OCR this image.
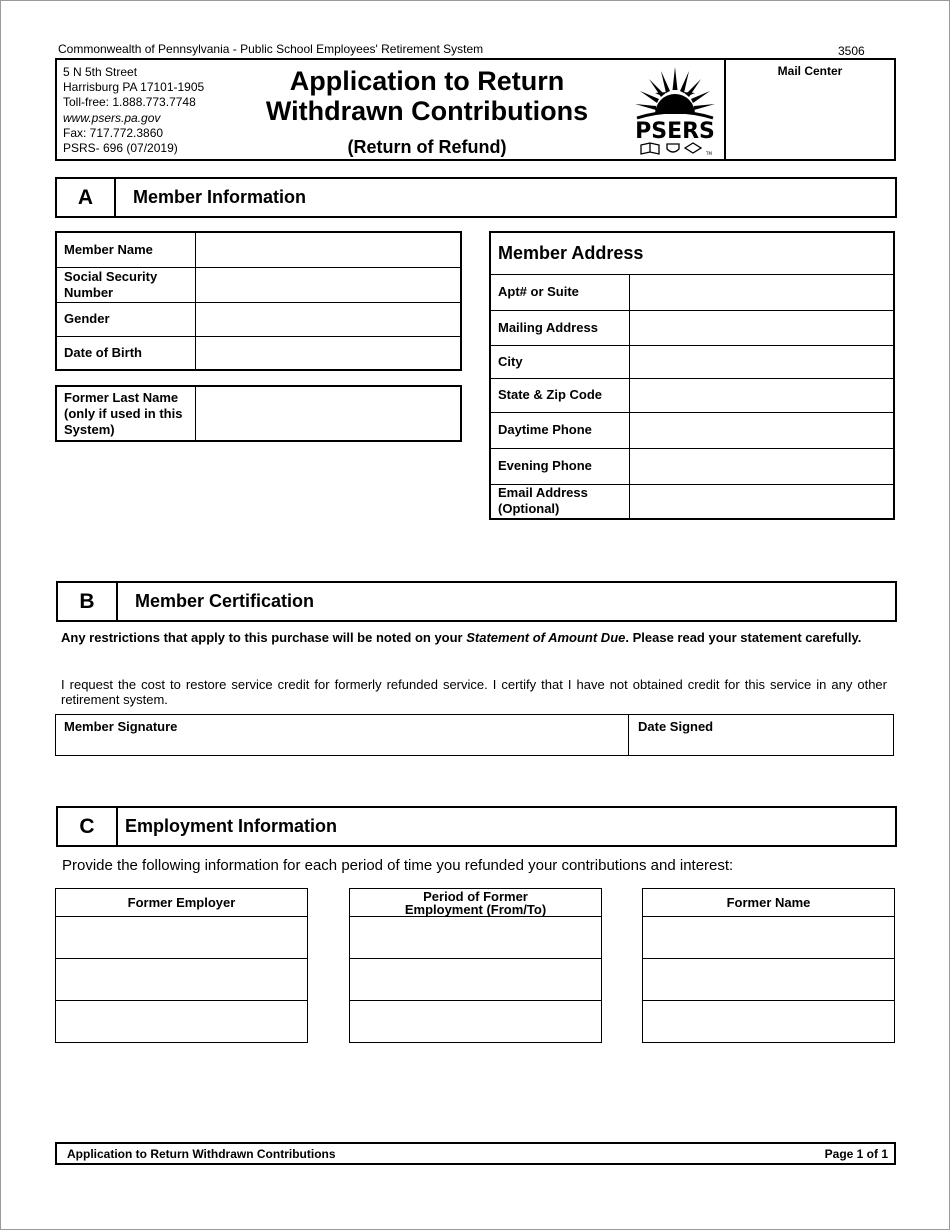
Commonwealth of Pennsylvania - Public School Employees' Retirement System	3506
5 N 5th Street
Harrisburg PA 17101-1905
Toll-free: 1.888.773.7748
www.psers.pa.gov
Fax: 717.772.3860
PSRS- 696 (07/2019)
Application to Return
Withdrawn Contributions
(Return of Refund)
PSERS
TM
Mail Center
A	Member Information
Member Name	
Social Security Number	
Gender	
Date of Birth	
Former Last Name (only if used in this System)	
Member Address	
Apt# or Suite	
Mailing Address	
City	
State & Zip Code	
Daytime Phone	
Evening Phone	
Email Address (Optional)	
B	Member Certification
Any restrictions that apply to this purchase will be noted on your Statement of Amount Due. Please read your statement carefully.
I request the cost to restore service credit for formerly refunded service. I certify that I have not obtained credit for this service in any other retirement system.
Member Signature	Date Signed
C	Employment Information
Provide the following information for each period of time you refunded your contributions and interest:
Former Employer	Period of Former Employment (From/To)	Former Name
Application to Return Withdrawn Contributions	Page 1 of 1
